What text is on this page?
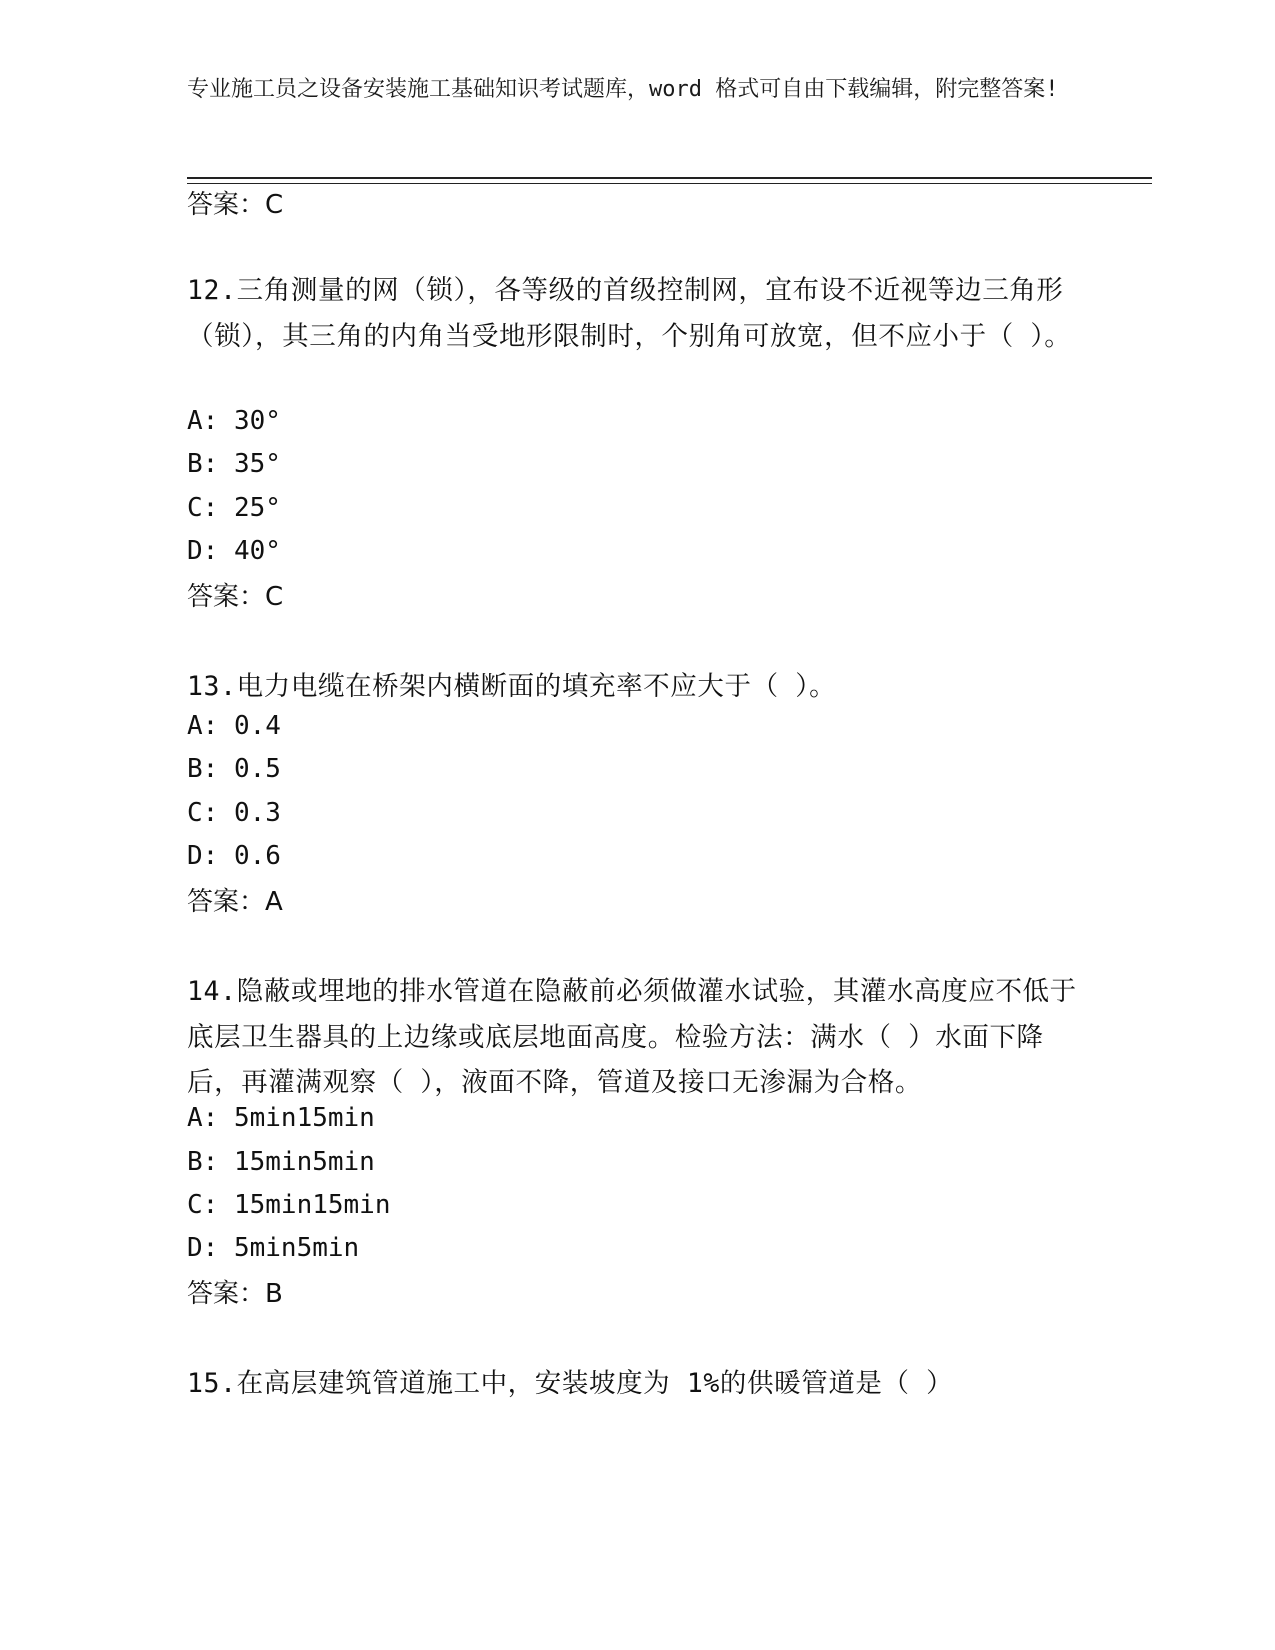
专业施工员之设备安装施工基础知识考试题库，word 格式可自由下载编辑，附完整答案!
答案：C
12.三角测量的网（锁），各等级的首级控制网，宜布设不近视等边三角形（锁），其三角的内角当受地形限制时，个别角可放宽，但不应小于（ ）。
A: 30°
B: 35°
C: 25°
D: 40°
答案：C
13.电力电缆在桥架内横断面的填充率不应大于（ ）。
A: 0.4
B: 0.5
C: 0.3
D: 0.6
答案：A
14.隐蔽或埋地的排水管道在隐蔽前必须做灌水试验，其灌水高度应不低于底层卫生器具的上边缘或底层地面高度。检验方法：满水（ ）水面下降后，再灌满观察（ ），液面不降，管道及接口无渗漏为合格。
A: 5min15min
B: 15min5min
C: 15min15min
D: 5min5min
答案：B
15.在高层建筑管道施工中，安装坡度为 1%的供暖管道是（ ）
